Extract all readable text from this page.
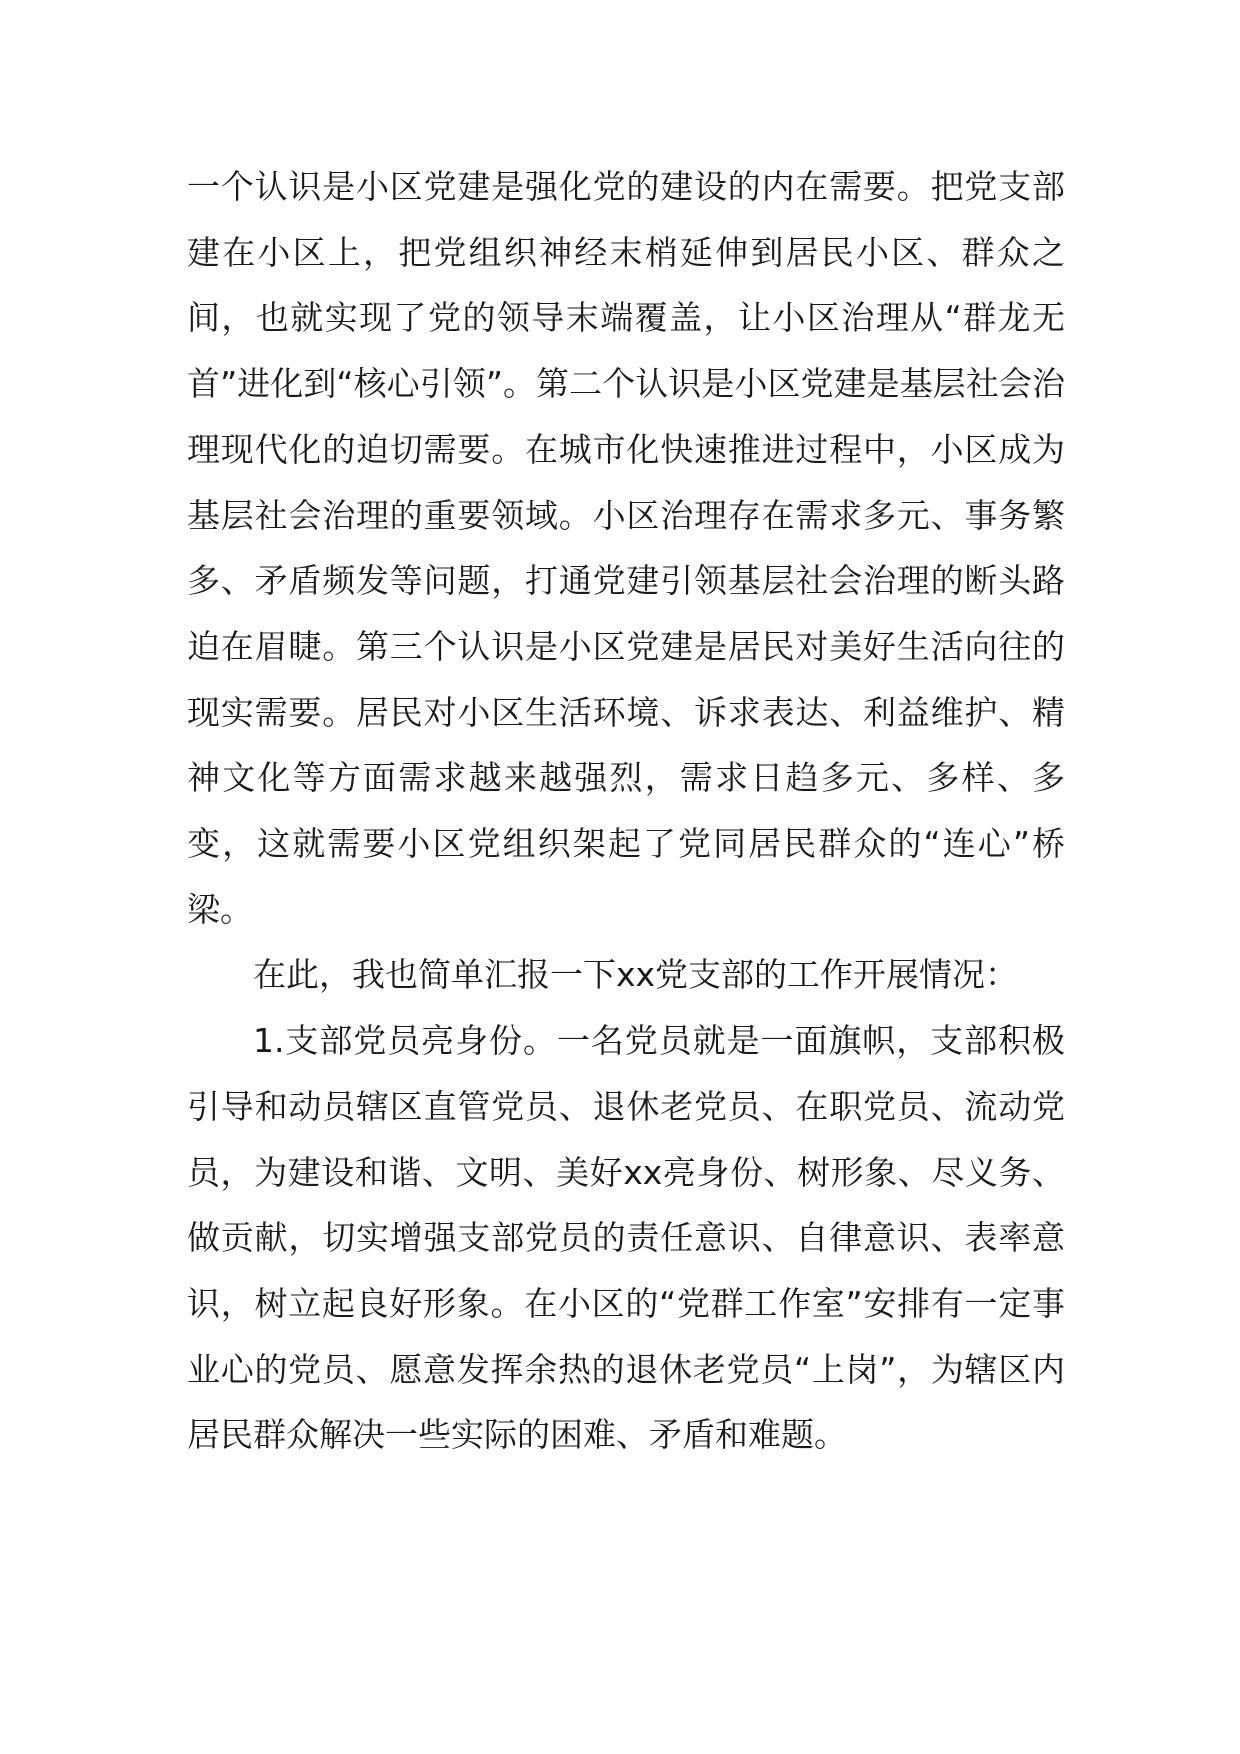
一个认识是小区党建是强化党的建设的内在需要。把党支部建在小区上，把党组织神经末梢延伸到居民小区、群众之间，也就实现了党的领导末端覆盖，让小区治理从“群龙无首”进化到“核心引领”。第二个认识是小区党建是基层社会治理现代化的迫切需要。在城市化快速推进过程中，小区成为基层社会治理的重要领域。小区治理存在需求多元、事务繁多、矛盾频发等问题，打通党建引领基层社会治理的断头路迫在眉睫。第三个认识是小区党建是居民对美好生活向往的现实需要。居民对小区生活环境、诉求表达、利益维护、精神文化等方面需求越来越强烈，需求日趋多元、多样、多变，这就需要小区党组织架起了党同居民群众的“连心”桥梁。

在此，我也简单汇报一下xx党支部的工作开展情况：

1.支部党员亮身份。一名党员就是一面旗帜，支部积极引导和动员辖区直管党员、退休老党员、在职党员、流动党员，为建设和谐、文明、美好xx亮身份、树形象、尽义务、做贡献，切实增强支部党员的责任意识、自律意识、表率意识，树立起良好形象。在小区的“党群工作室”安排有一定事业心的党员、愿意发挥余热的退休老党员“上岗”，为辖区内居民群众解决一些实际的困难、矛盾和难题。
